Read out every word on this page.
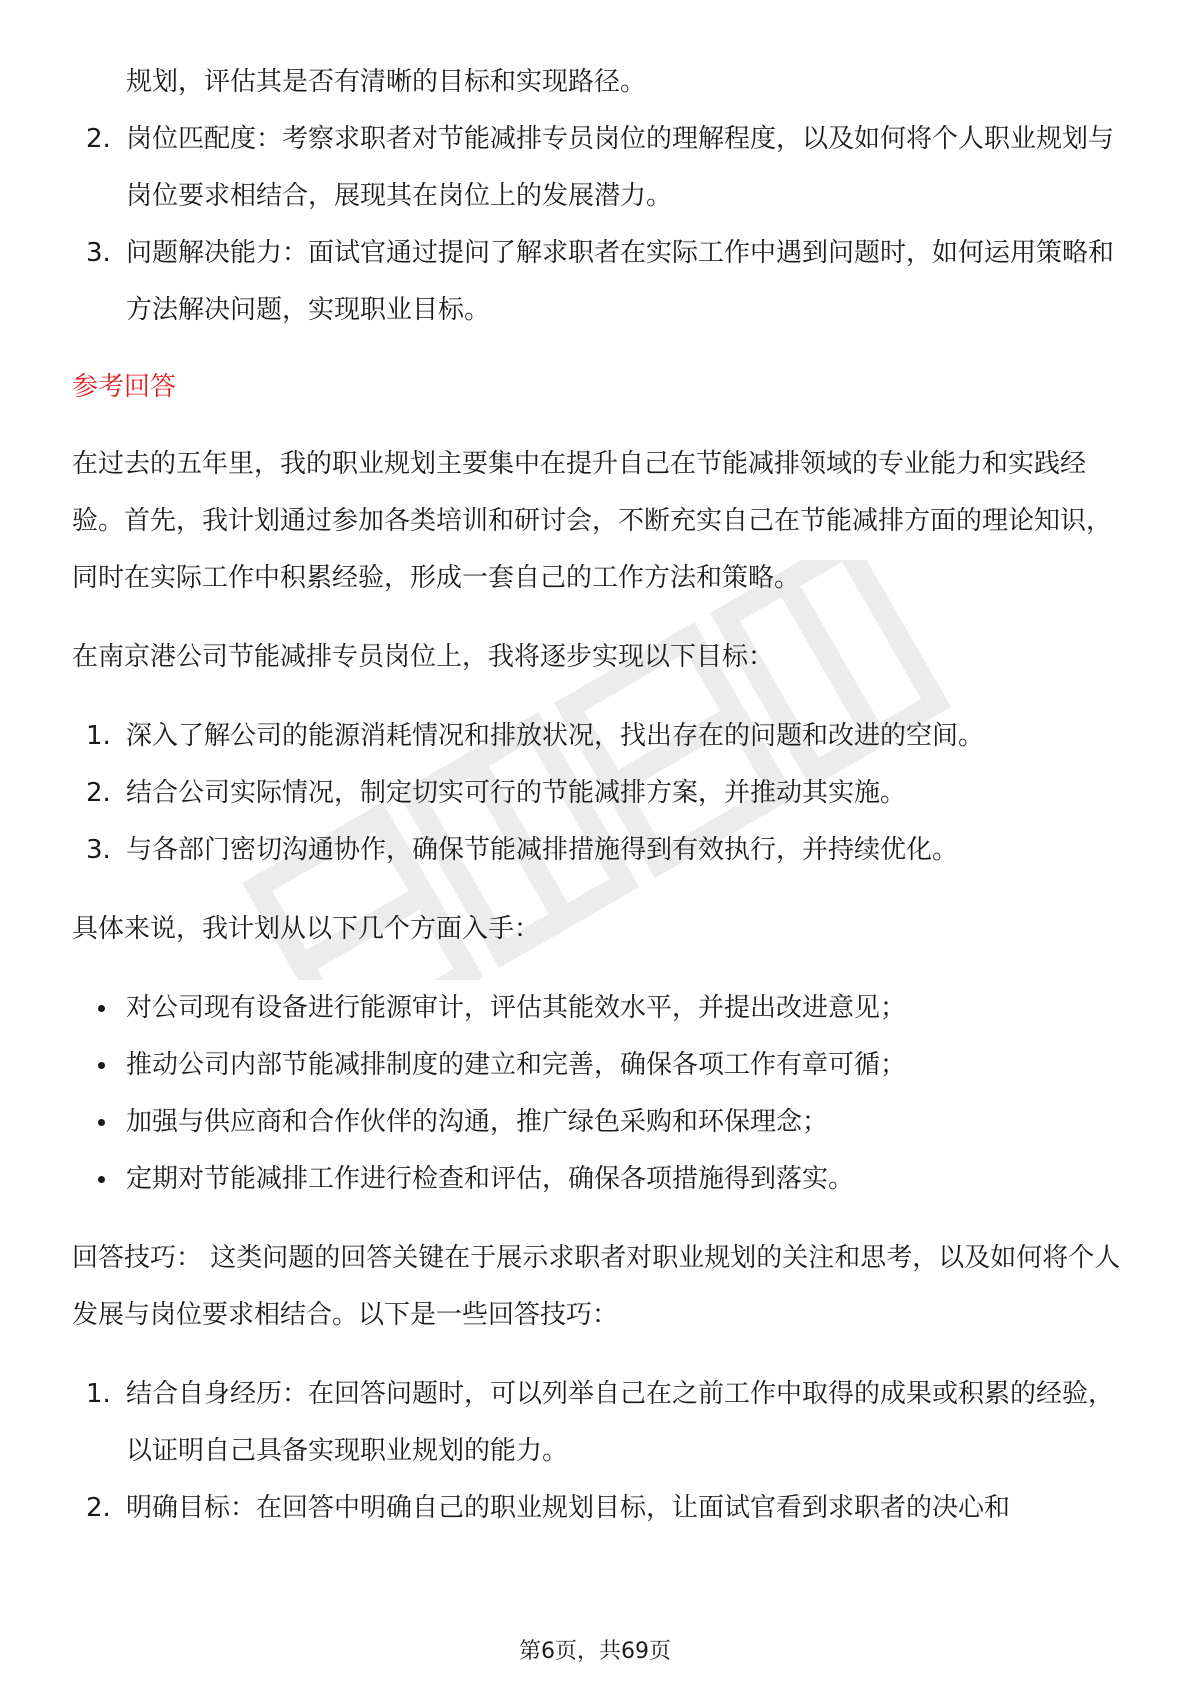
规划，评估其是否有清晰的目标和实现路径。

2. 岗位匹配度：考察求职者对节能减排专员岗位的理解程度，以及如何将个人职业规划与岗位要求相结合，展现其在岗位上的发展潜力。
3. 问题解决能力：面试官通过提问了解求职者在实际工作中遇到问题时，如何运用策略和方法解决问题，实现职业目标。

参考回答

在过去的五年里，我的职业规划主要集中在提升自己在节能减排领域的专业能力和实践经验。首先，我计划通过参加各类培训和研讨会，不断充实自己在节能减排方面的理论知识，同时在实际工作中积累经验，形成一套自己的工作方法和策略。

在南京港公司节能减排专员岗位上，我将逐步实现以下目标：

1. 深入了解公司的能源消耗情况和排放状况，找出存在的问题和改进的空间。
2. 结合公司实际情况，制定切实可行的节能减排方案，并推动其实施。
3. 与各部门密切沟通协作，确保节能减排措施得到有效执行，并持续优化。

具体来说，我计划从以下几个方面入手：

对公司现有设备进行能源审计，评估其能效水平，并提出改进意见；
推动公司内部节能减排制度的建立和完善，确保各项工作有章可循；
加强与供应商和合作伙伴的沟通，推广绿色采购和环保理念；
定期对节能减排工作进行检查和评估，确保各项措施得到落实。

回答技巧： 这类问题的回答关键在于展示求职者对职业规划的关注和思考，以及如何将个人发展与岗位要求相结合。以下是一些回答技巧：

1. 结合自身经历：在回答问题时，可以列举自己在之前工作中取得的成果或积累的经验，以证明自己具备实现职业规划的能力。
2. 明确目标：在回答中明确自己的职业规划目标，让面试官看到求职者的决心和
第6页，共69页
